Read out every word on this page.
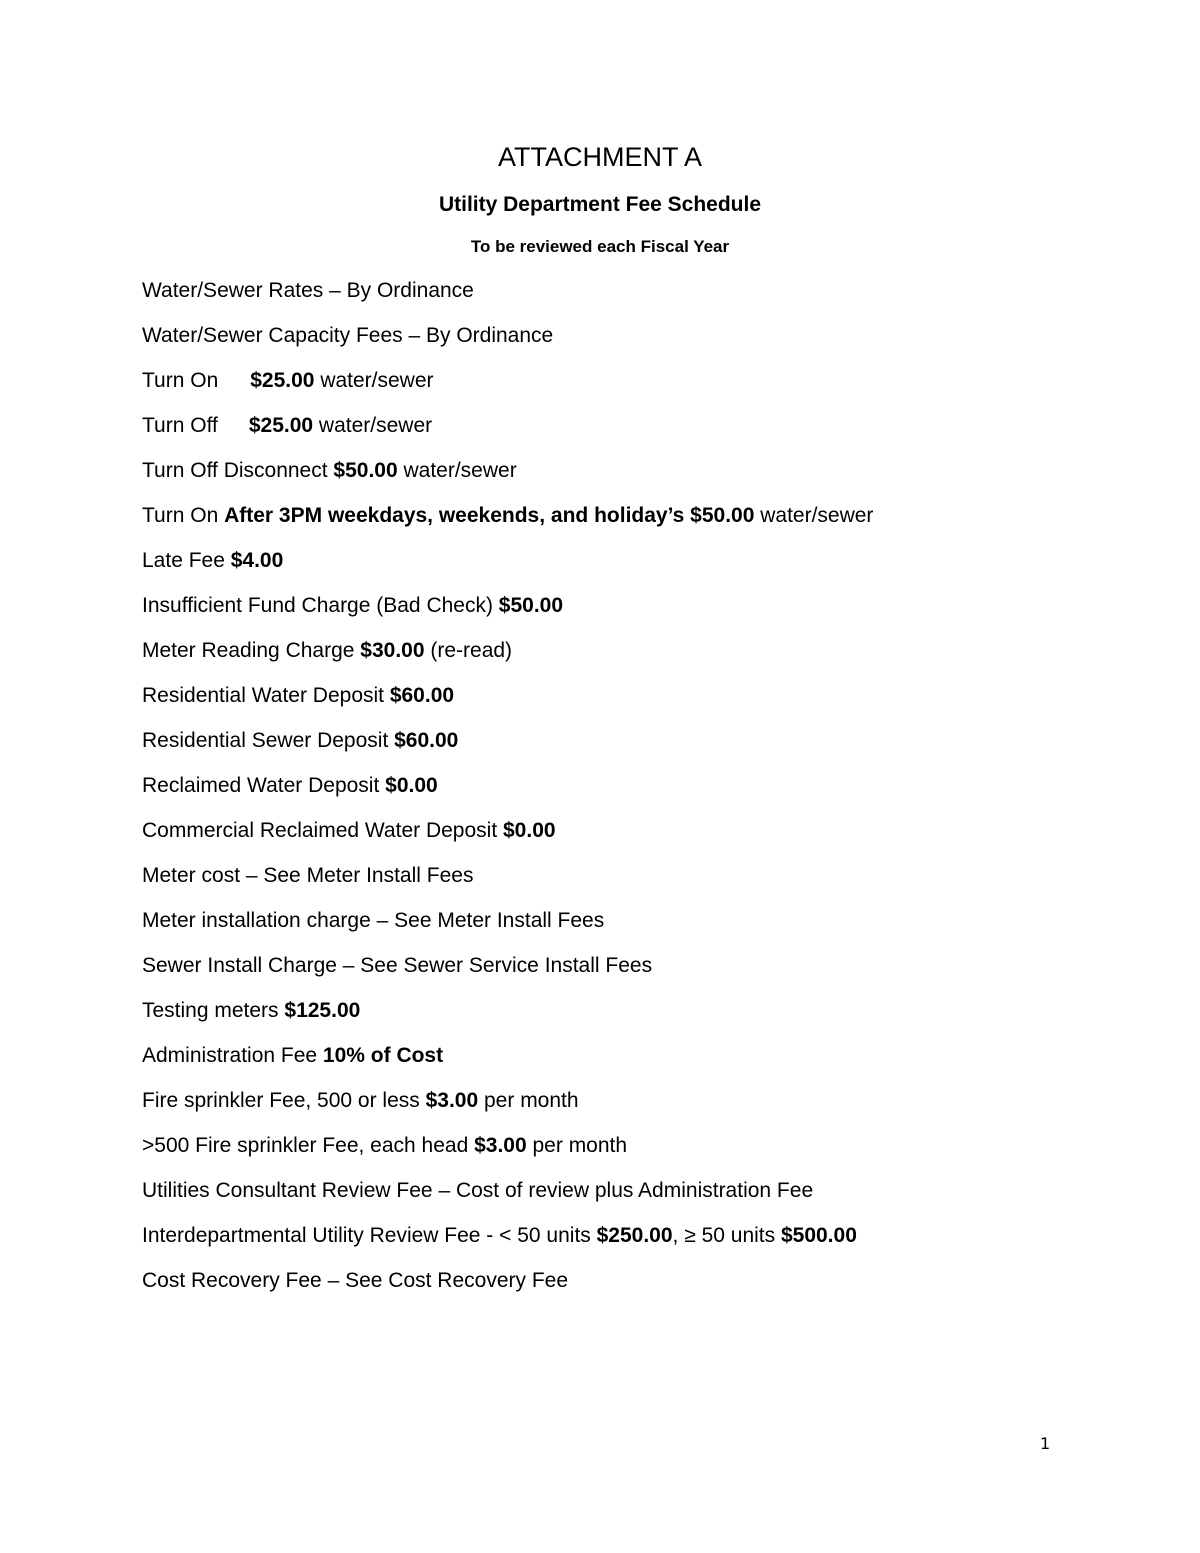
ATTACHMENT A
Utility Department Fee Schedule
To be reviewed each Fiscal Year
Water/Sewer Rates – By Ordinance
Water/Sewer Capacity Fees – By Ordinance
Turn On $25.00 water/sewer
Turn Off $25.00 water/sewer
Turn Off Disconnect $50.00 water/sewer
Turn On After 3PM weekdays, weekends, and holiday’s $50.00 water/sewer
Late Fee $4.00
Insufficient Fund Charge (Bad Check) $50.00
Meter Reading Charge $30.00 (re-read)
Residential Water Deposit $60.00
Residential Sewer Deposit $60.00
Reclaimed Water Deposit $0.00
Commercial Reclaimed Water Deposit $0.00
Meter cost – See Meter Install Fees
Meter installation charge – See Meter Install Fees
Sewer Install Charge – See Sewer Service Install Fees
Testing meters $125.00
Administration Fee 10% of Cost
Fire sprinkler Fee, 500 or less $3.00 per month
>500 Fire sprinkler Fee, each head $3.00 per month
Utilities Consultant Review Fee – Cost of review plus Administration Fee
Interdepartmental Utility Review Fee - < 50 units $250.00, ≥ 50 units $500.00
Cost Recovery Fee – See Cost Recovery Fee
1
